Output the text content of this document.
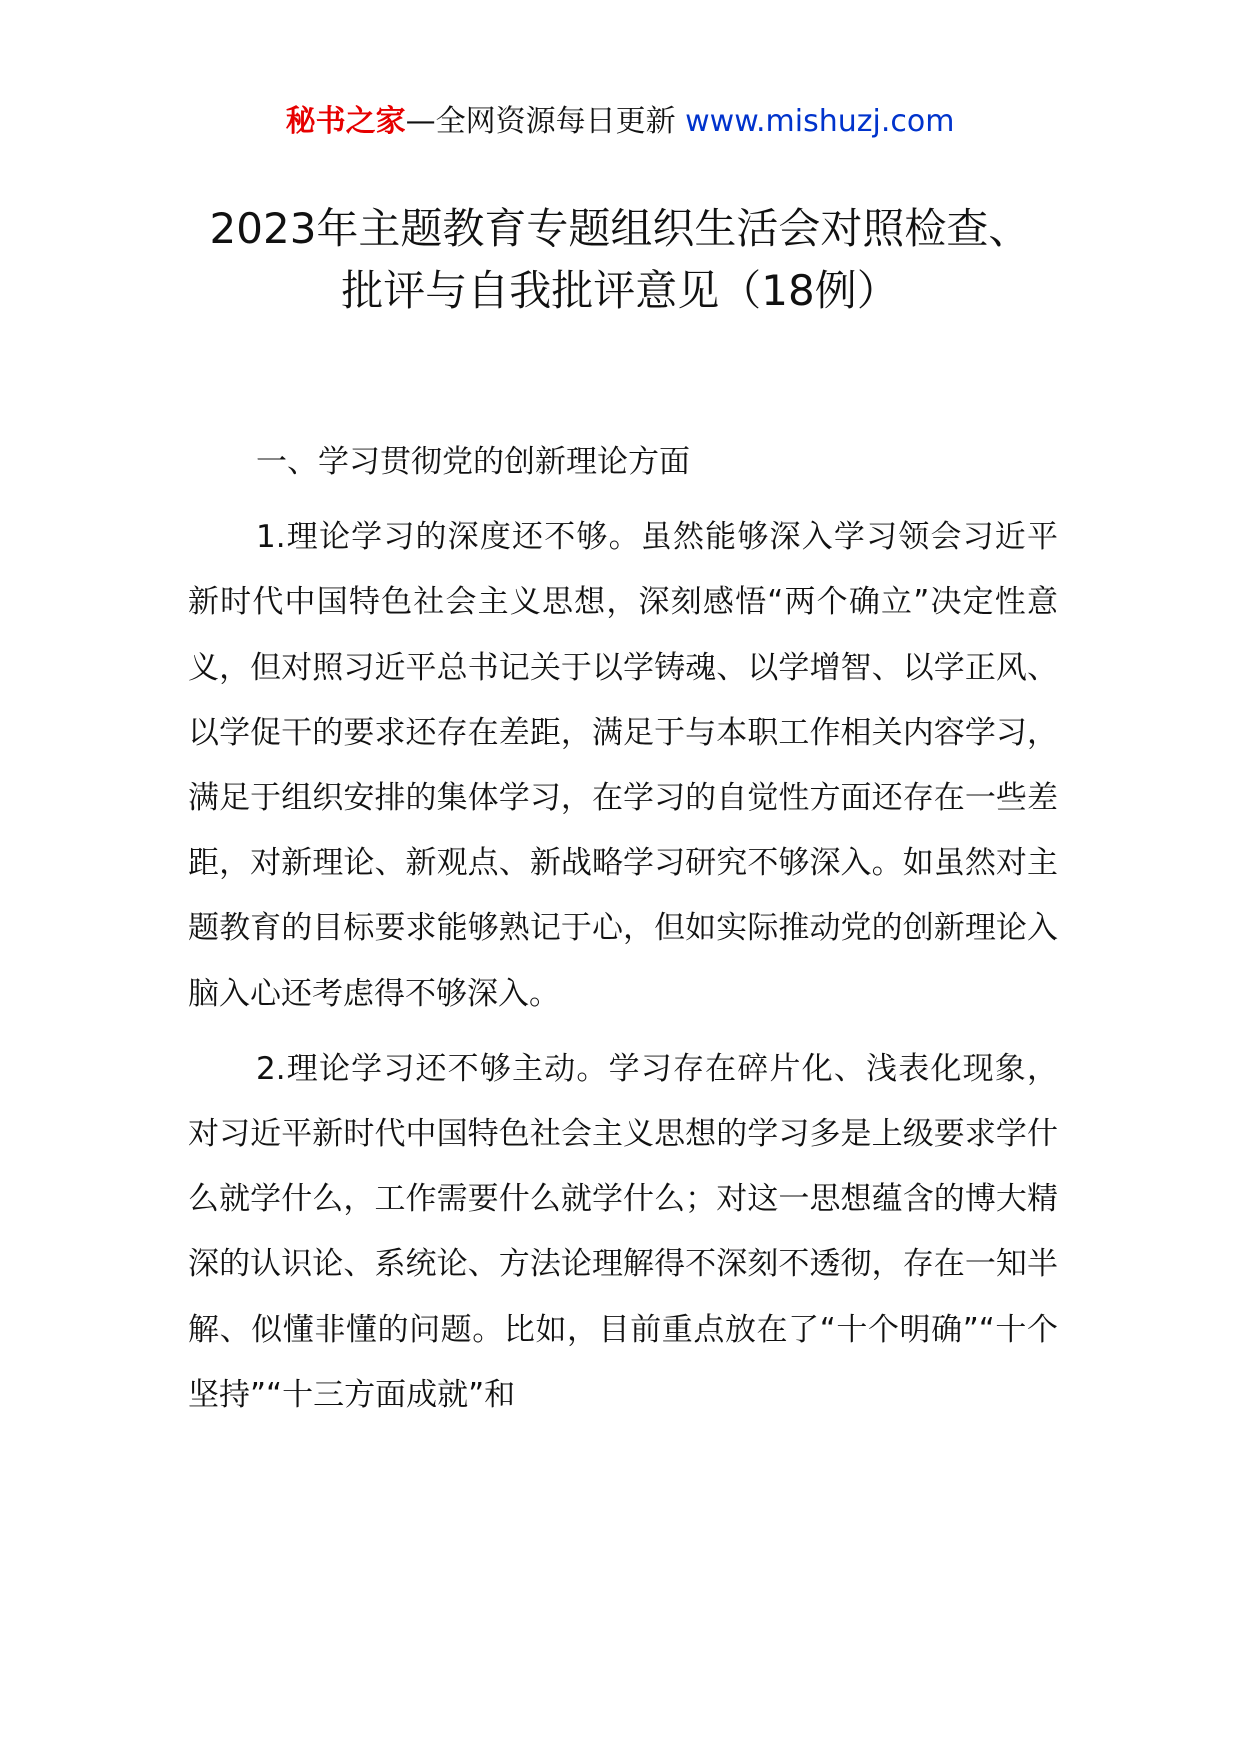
秘书之家—全网资源每日更新 www.mishuzj.com
2023年主题教育专题组织生活会对照检查、
批评与自我批评意见（18例）

一、学习贯彻党的创新理论方面

1.理论学习的深度还不够。虽然能够深入学习领会习近平新时代中国特色社会主义思想，深刻感悟“两个确立”决定性意义，但对照习近平总书记关于以学铸魂、以学增智、以学正风、以学促干的要求还存在差距，满足于与本职工作相关内容学习，满足于组织安排的集体学习，在学习的自觉性方面还存在一些差距，对新理论、新观点、新战略学习研究不够深入。如虽然对主题教育的目标要求能够熟记于心，但如实际推动党的创新理论入脑入心还考虑得不够深入。

2.理论学习还不够主动。学习存在碎片化、浅表化现象，对习近平新时代中国特色社会主义思想的学习多是上级要求学什么就学什么，工作需要什么就学什么；对这一思想蕴含的博大精深的认识论、系统论、方法论理解得不深刻不透彻，存在一知半解、似懂非懂的问题。比如，目前重点放在了“十个明确”“十个坚持”“十三方面成就”和
